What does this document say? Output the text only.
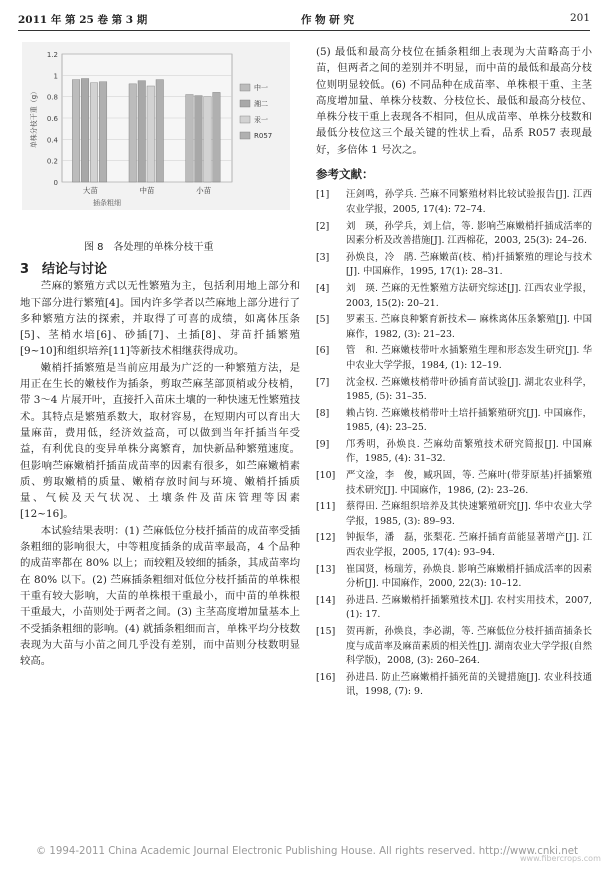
2011 年 第 25 卷 第 3 期	作 物 研 究	201
0
0.2
0.4
0.6
0.8
1
1.2
单株分枝干重（g）
大苗	中苗	小苗
插条粗细
中一
湘二
汞一
R057
图 8　各处理的单株分枝干重

3　结论与讨论

苎麻的繁殖方式以无性繁殖为主，包括利用地上部分和地下部分进行繁殖[4]。国内许多学者以苎麻地上部分进行了多种繁殖方法的探索，并取得了可喜的成绩，如离体压条[5]、茎梢水培[6]、砂插[7]、土插[8]、芽苗扦插繁殖[9~10]和组织培养[11]等新技术相继获得成功。

嫩梢扦插繁殖是当前应用最为广泛的一种繁殖方法，是用正在生长的嫩枝作为插条，剪取苎麻茎部顶梢或分枝梢，带 3～4 片展开叶，直接扦入苗床土壤的一种快速无性繁殖技术。其特点是繁殖系数大，取材容易，在短期内可以育出大量麻苗，费用低，经济效益高，可以做到当年扦插当年受益，有利优良的变异单株分离繁育，加快新品种繁殖速度。但影响苎麻嫩梢扦插苗成苗率的因素有很多，如苎麻嫩梢素质、剪取嫩梢的质量、嫩梢存放时间与环境、嫩梢扦插质量、气候及天气状况、土壤条件及苗床管理等因素[12~16]。

本试验结果表明：(1) 苎麻低位分枝扦插苗的成苗率受插条粗细的影响很大，中等粗度插条的成苗率最高，4 个品种的成苗率都在 80% 以上；而较粗及较细的插条，其成苗率均在 80% 以下。(2) 苎麻插条粗细对低位分枝扦插苗的单株根干重有较大影响，大苗的单株根干重最小，而中苗的单株根干重最大，小苗则处于两者之间。(3) 主茎高度增加量基本上不受插条粗细的影响。(4) 就插条粗细而言，单株平均分枝数表现为大苗与小苗之间几乎没有差别，而中苗则分枝数明显较高。

(5) 最低和最高分枝位在插条粗细上表现为大苗略高于小苗，但两者之间的差别并不明显，而中苗的最低和最高分枝位则明显较低。(6) 不同品种在成苗率、单株根干重、主茎高度增加量、单株分枝数、分枝位长、最低和最高分枝位、单株分枝干重上表现各不相同，但从成苗率、单株分枝数和最低分枝位这三个最关键的性状上看，品系 R057 表现最好，多倍体 1 号次之。

参考文献：
[1] 汪剑鸣，孙学兵. 苎麻不同繁殖材料比较试验报告[J]. 江西农业学报，2005, 17(4): 72–74.
[2] 刘　瑛，孙学兵，刘上信，等. 影响苎麻嫩梢扦插成活率的因素分析及改善措施[J]. 江西棉花，2003, 25(3): 24–26.
[3] 孙焕良，冷　鹃. 苎麻嫩苗(枝、梢)扦插繁殖的理论与技术[J]. 中国麻作，1995, 17(1): 28–31.
[4] 刘　瑛. 苎麻的无性繁殖方法研究综述[J]. 江西农业学报，2003, 15(2): 20–21.
[5] 罗素玉. 苎麻良种繁育新技术— 麻株离体压条繁殖[J]. 中国麻作，1982, (3): 21–23.
[6] 管　和. 苎麻嫩枝带叶水插繁殖生理和形态发生研究[J]. 华中农业大学学报，1984, (1): 12–19.
[7] 沈金权. 苎麻嫩枝梢带叶砂插育苗试验[J]. 湖北农业科学，1985, (5): 31–35.
[8] 赖占钧. 苎麻嫩枝梢带叶土培扦插繁殖研究[J]. 中国麻作，1985, (4): 23–25.
[9] 邝秀明，孙焕良. 苎麻幼苗繁殖技术研究简报[J]. 中国麻作，1985, (4): 31–32.
[10] 严文淦，李　俊，臧巩固，等. 苎麻叶(带芽原基)扦插繁殖技术研究[J]. 中国麻作，1986, (2): 23–26.
[11] 蔡得田. 苎麻组织培养及其快速繁殖研究[J]. 华中农业大学学报，1985, (3): 89–93.
[12] 钟振华，潘　磊，张梨花. 苎麻扦插育苗能显著增产[J]. 江西农业学报，2005, 17(4): 93–94.
[13] 崔国贤，杨瑞芳，孙焕良. 影响苎麻嫩梢扦插成活率的因素分析[J]. 中国麻作，2000, 22(3): 10–12.
[14] 孙进昌. 苎麻嫩梢扦插繁殖技术[J]. 农村实用技术，2007, (1): 17.
[15] 贺再新，孙焕良，李必湖，等. 苎麻低位分枝扦插苗插条长度与成苗率及麻苗素质的相关性[J]. 湖南农业大学学报(自然科学版)，2008, (3): 260–264.
[16] 孙进昌. 防止苎麻嫩梢扦插死苗的关键措施[J]. 农业科技通讯，1998, (7): 9.
© 1994-2011 China Academic Journal Electronic Publishing House. All rights reserved. http://www.cnki.net
www.fibercrops.com
